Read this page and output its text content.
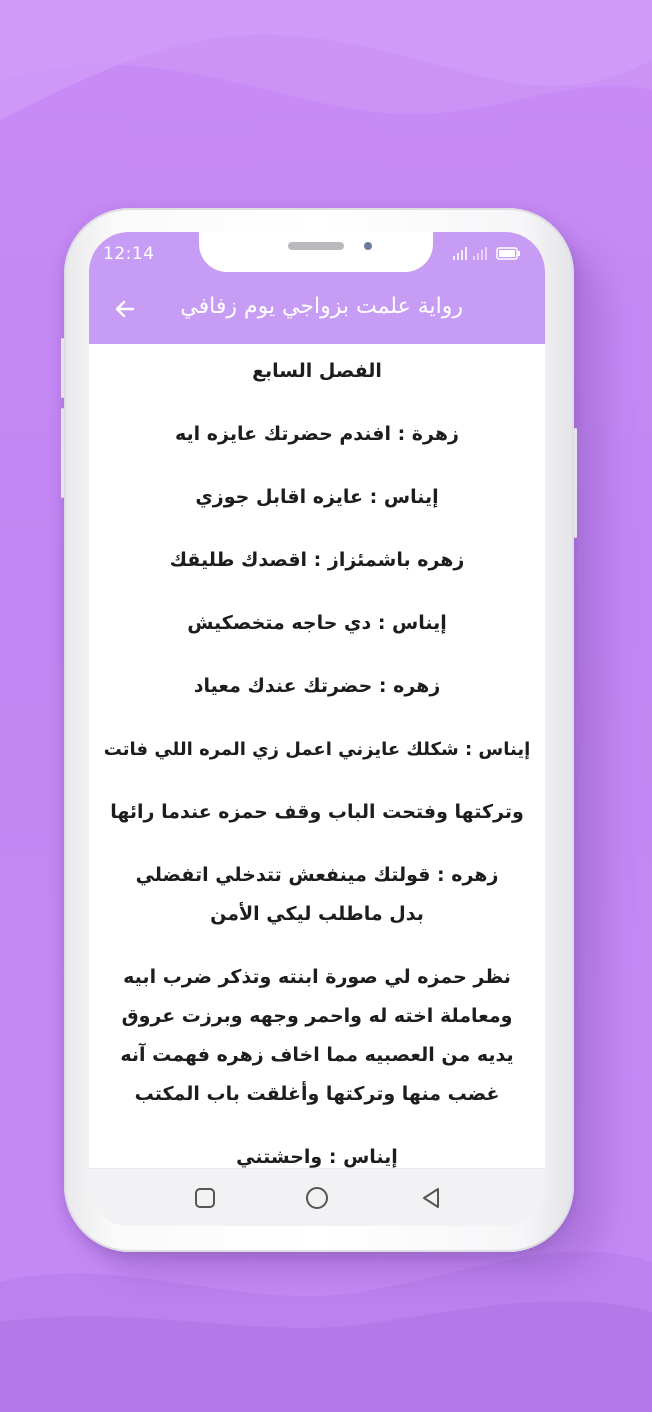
12:14
رواية علمت بزواجي يوم زفافي

الفصل السابع

زهرة : افندم حضرتك عايزه ايه

إيناس : عايزه اقابل جوزي

زهره باشمئزاز : اقصدك طليقك

إيناس : دي حاجه متخصكيش

زهره : حضرتك عندك معياد

إيناس : شكلك عايزني اعمل زي المره اللي فاتت

وتركتها وفتحت الباب وقف حمزه عندما رائها

زهره : قولتك مينفعش تتدخلي اتفضلي بدل ماطلب ليكي الأمن

نظر حمزه لي صورة ابنته وتذكر ضرب ابيه ومعاملة اخته له واحمر وجهه وبرزت عروق يديه من العصبيه مما اخاف زهره فهمت آنه غضب منها وتركتها وأغلقت باب المكتب

إيناس : واحشتني
